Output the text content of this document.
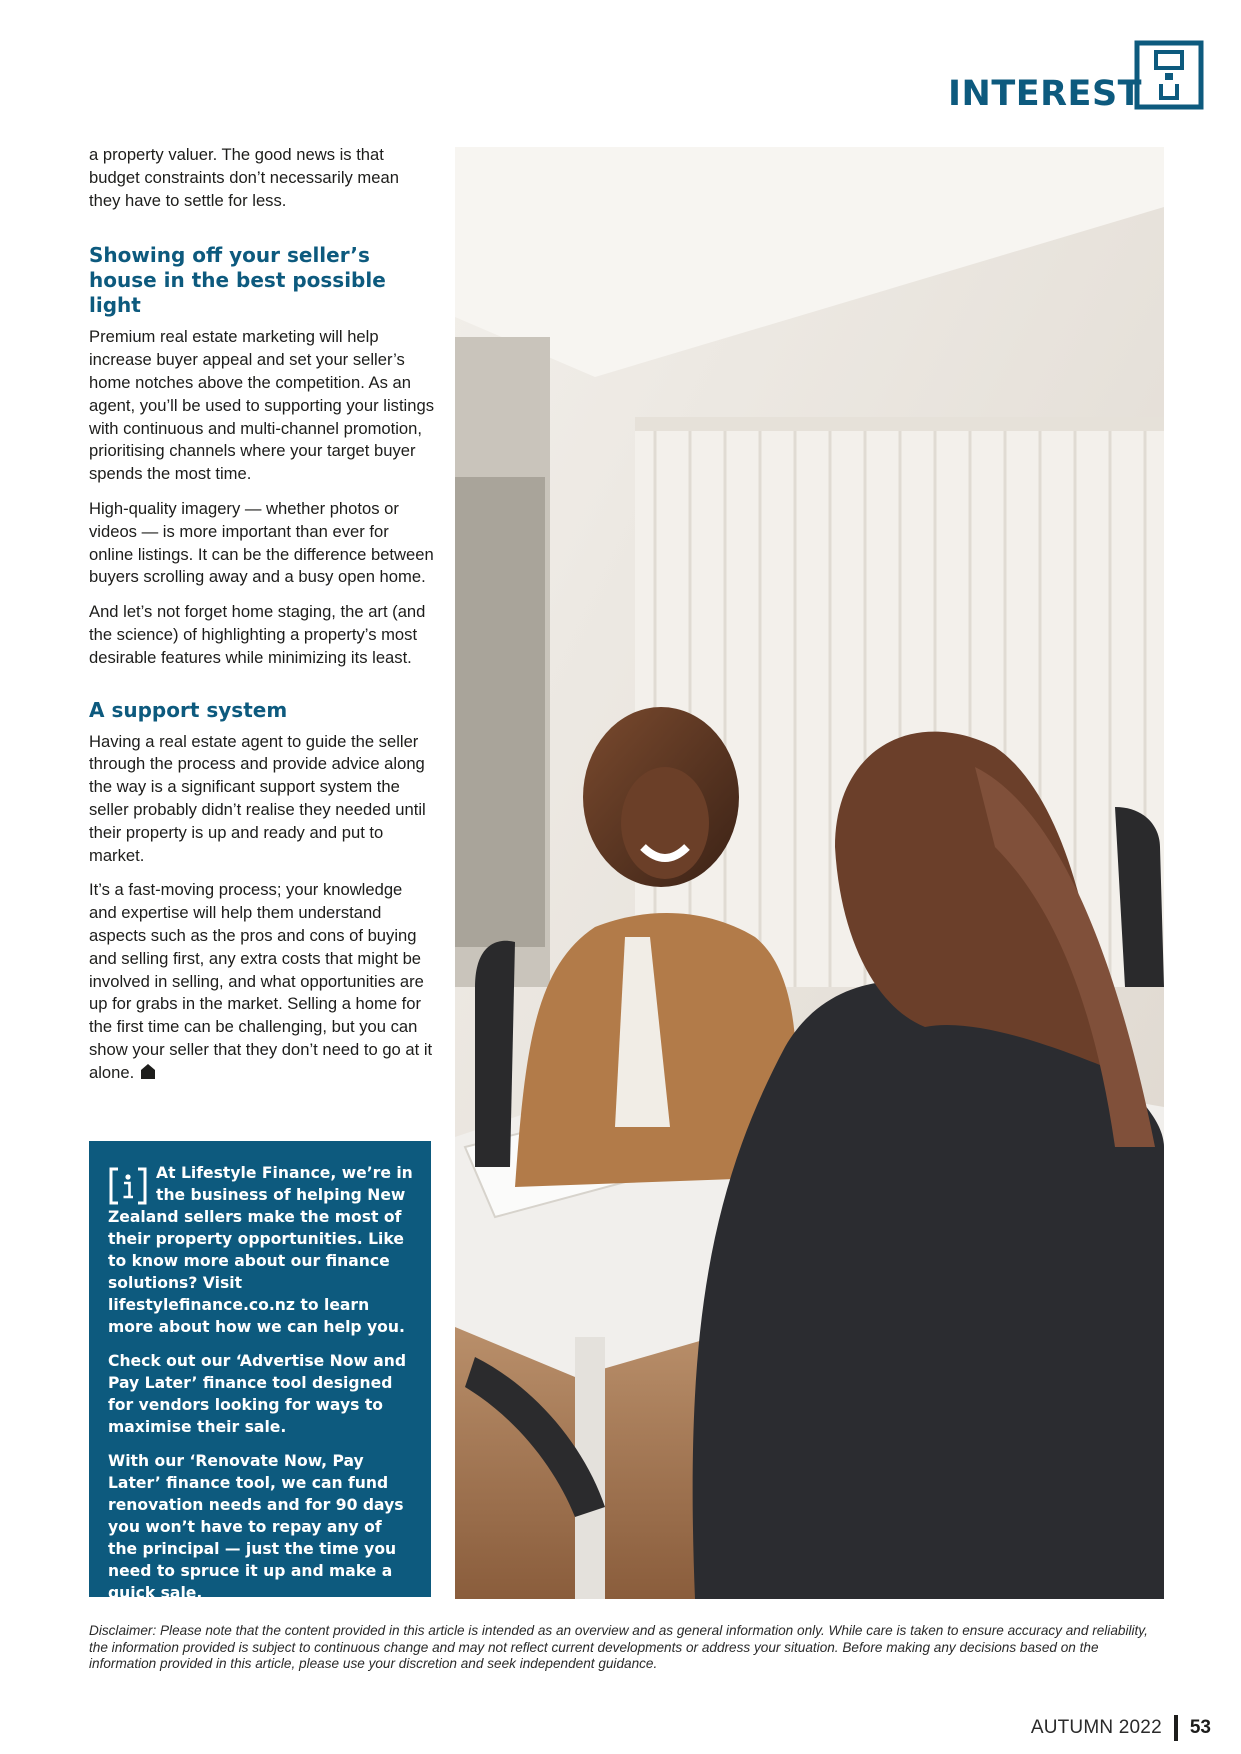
INTEREST

a property valuer. The good news is that budget constraints don’t necessarily mean they have to settle for less.

Showing off your seller’s house in the best possible light

Premium real estate marketing will help increase buyer appeal and set your seller’s home notches above the competition. As an agent, you’ll be used to supporting your listings with continuous and multi-channel promotion, prioritising channels where your target buyer spends the most time.

High-quality imagery — whether photos or videos — is more important than ever for online listings. It can be the difference between buyers scrolling away and a busy open home.

And let’s not forget home staging, the art (and the science) of highlighting a property’s most desirable features while minimizing its least.

A support system

Having a real estate agent to guide the seller through the process and provide advice along the way is a significant support system the seller probably didn’t realise they needed until their property is up and ready and put to market.

It’s a fast-moving process; your knowledge and expertise will help them understand aspects such as the pros and cons of buying and selling first, any extra costs that might be involved in selling, and what opportunities are up for grabs in the market. Selling a home for the first time can be challenging, but you can show your seller that they don’t need to go at it alone.

At Lifestyle Finance, we’re in the business of helping New Zealand sellers make the most of their property opportunities. Like to know more about our finance solutions? Visit lifestylefinance.co.nz to learn more about how we can help you.

Check out our ‘Advertise Now and Pay Later’ finance tool designed for vendors looking for ways to maximise their sale.

With our ‘Renovate Now, Pay Later’ finance tool, we can fund renovation needs and for 90 days you won’t have to repay any of the principal — just the time you need to spruce it up and make a quick sale.

Disclaimer: Please note that the content provided in this article is intended as an overview and as general information only. While care is taken to ensure accuracy and reliability, the information provided is subject to continuous change and may not reflect current developments or address your situation. Before making any decisions based on the information provided in this article, please use your discretion and seek independent guidance.
AUTUMN 2022 53
